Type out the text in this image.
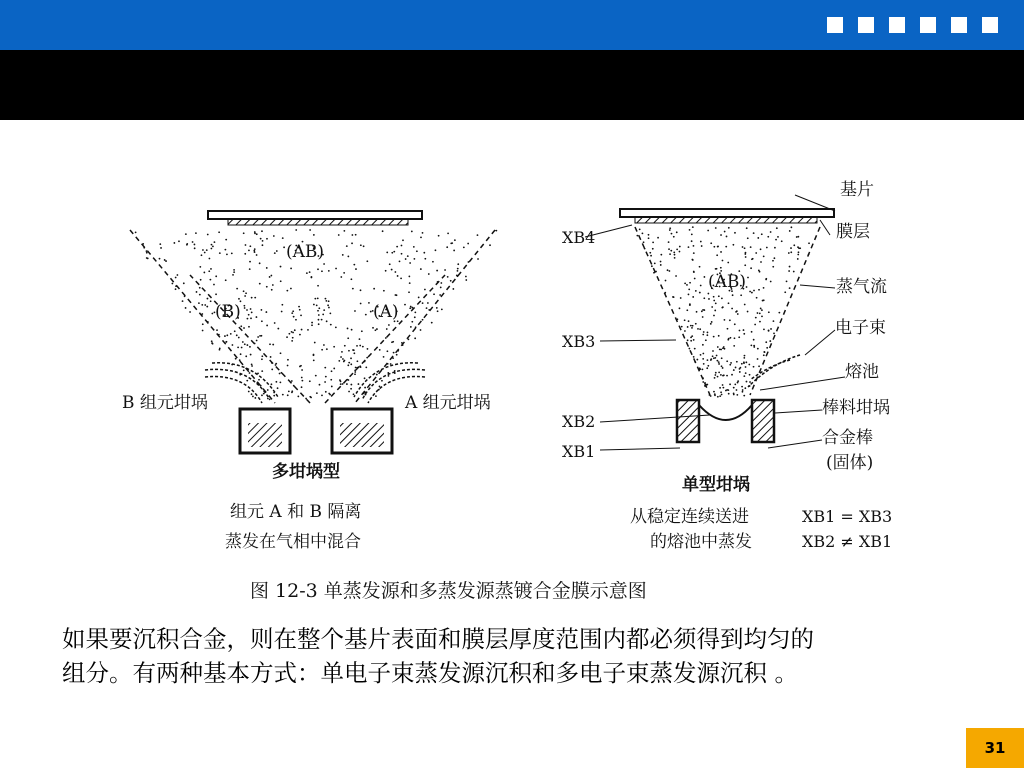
(AB)
(B)	(A)
B 组元坩埚	A 组元坩埚
多坩埚型
组元 A 和 B 隔离
蒸发在气相中混合
(AB)
基片
膜层
蒸气流
电子束
熔池
棒料坩埚
合金棒
(固体)
XB4
XB3
XB2
XB1
单型坩埚
从稳定连续送进
的熔池中蒸发
XB1 = XB3
XB2 ≠ XB1
图 12-3 单蒸发源和多蒸发源蒸镀合金膜示意图
如果要沉积合金，则在整个基片表面和膜层厚度范围内都必须得到均匀的
组分。有两种基本方式：单电子束蒸发源沉积和多电子束蒸发源沉积 。
31
